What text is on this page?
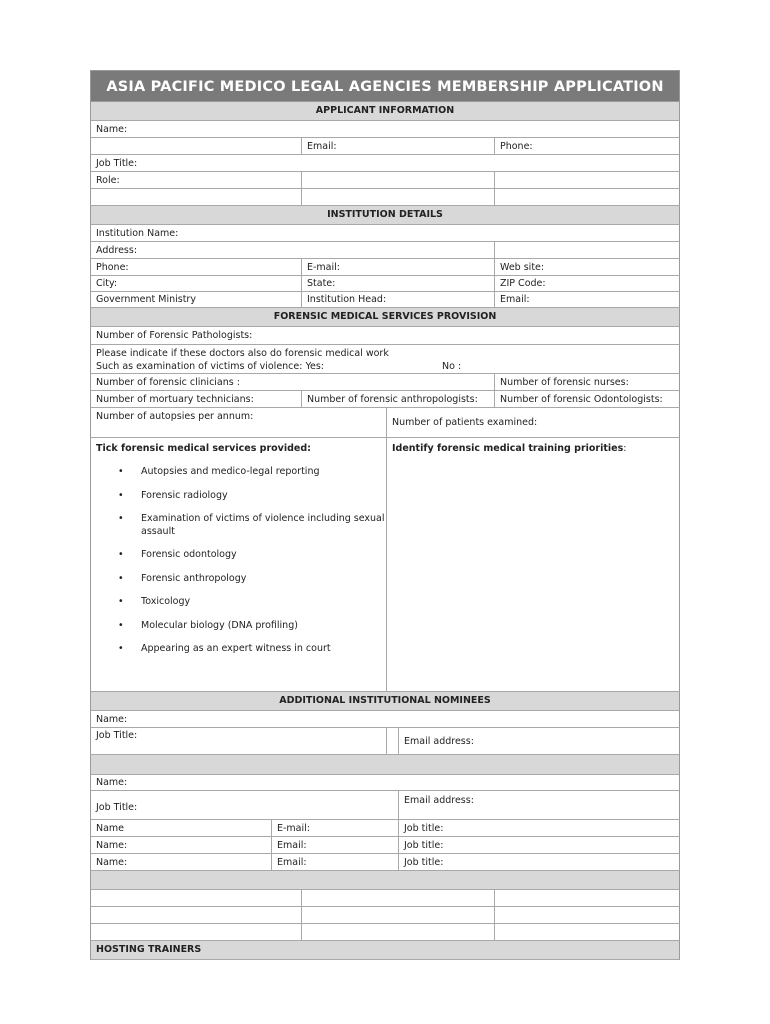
ASIA PACIFIC MEDICO LEGAL AGENCIES MEMBERSHIP APPLICATION
APPLICANT INFORMATION
Name:
Email:	Phone:
Job Title:
Role:
INSTITUTION DETAILS
Institution Name:
Address:
Phone:	E-mail:	Web site:
City:	State:	ZIP Code:
Government Ministry	Institution Head:	Email:
FORENSIC MEDICAL SERVICES PROVISION
Number of Forensic Pathologists:
Please indicate if these doctors also do forensic medical work
Such as examination of victims of violence: Yes:	No :
Number of forensic clinicians :	Number of forensic nurses:
Number of mortuary technicians:	Number of forensic anthropologists:	Number of forensic Odontologists:
Number of autopsies per annum:
Number of patients examined:
Tick forensic medical services provided:
• Autopsies and medico-legal reporting
• Forensic radiology
• Examination of victims of violence including sexual assault
• Forensic odontology
• Forensic anthropology
• Toxicology
• Molecular biology (DNA profiling)
• Appearing as an expert witness in court
Identify forensic medical training priorities:
ADDITIONAL INSTITUTIONAL NOMINEES
Name:
Job Title:	Email address:
Name:
Job Title:
Email address:
Name	E-mail:	Job title:
Name:	Email:	Job title:
Name:	Email:	Job title:
HOSTING TRAINERS
